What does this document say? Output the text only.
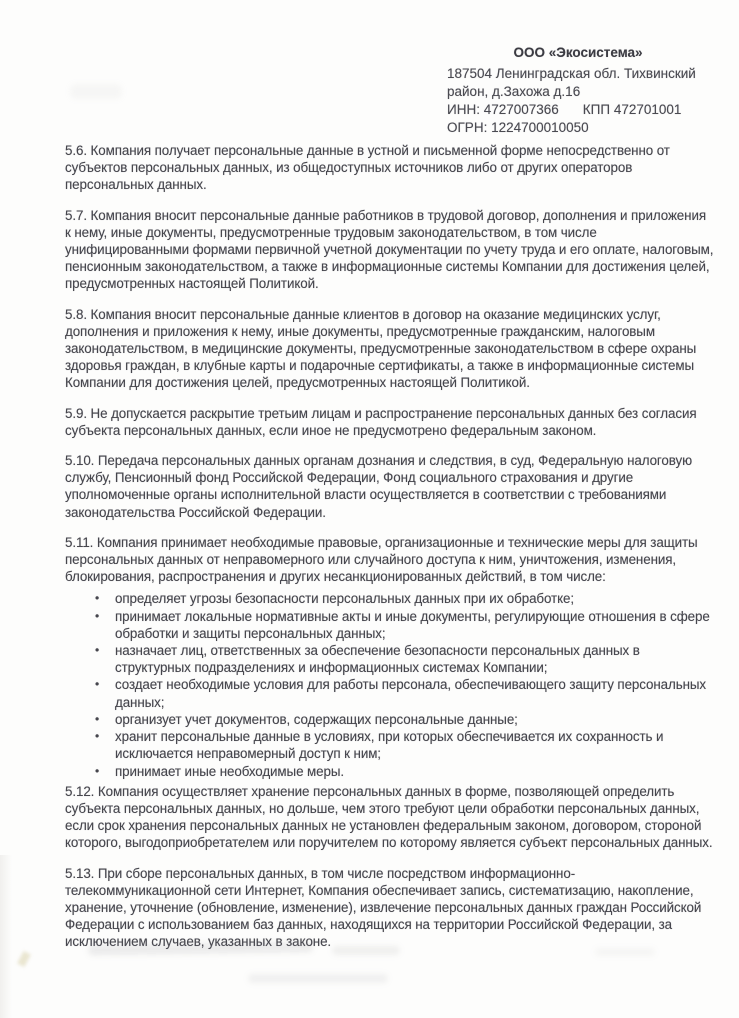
ООО «Экосистема»
187504 Ленинградская обл. Тихвинский
район, д.Захожа д.16
ИНН: 4727007366 КПП 472701001
ОГРН: 1224700010050

5.6. Компания получает персональные данные в устной и письменной форме непосредственно от субъектов персональных данных, из общедоступных источников либо от других операторов персональных данных.

5.7. Компания вносит персональные данные работников в трудовой договор, дополнения и приложения к нему, иные документы, предусмотренные трудовым законодательством, в том числе унифицированными формами первичной учетной документации по учету труда и его оплате, налоговым, пенсионным законодательством, а также в информационные системы Компании для достижения целей, предусмотренных настоящей Политикой.

5.8. Компания вносит персональные данные клиентов в договор на оказание медицинских услуг, дополнения и приложения к нему, иные документы, предусмотренные гражданским, налоговым законодательством, в медицинские документы, предусмотренные законодательством в сфере охраны здоровья граждан, в клубные карты и подарочные сертификаты, а также в информационные системы Компании для достижения целей, предусмотренных настоящей Политикой.

5.9. Не допускается раскрытие третьим лицам и распространение персональных данных без согласия субъекта персональных данных, если иное не предусмотрено федеральным законом.

5.10. Передача персональных данных органам дознания и следствия, в суд, Федеральную налоговую службу, Пенсионный фонд Российской Федерации, Фонд социального страхования и другие уполномоченные органы исполнительной власти осуществляется в соответствии с требованиями законодательства Российской Федерации.

5.11. Компания принимает необходимые правовые, организационные и технические меры для защиты персональных данных от неправомерного или случайного доступа к ним, уничтожения, изменения, блокирования, распространения и других несанкционированных действий, в том числе:

•	определяет угрозы безопасности персональных данных при их обработке;
•	принимает локальные нормативные акты и иные документы, регулирующие отношения в сфере обработки и защиты персональных данных;
•	назначает лиц, ответственных за обеспечение безопасности персональных данных в структурных подразделениях и информационных системах Компании;
•	создает необходимые условия для работы персонала, обеспечивающего защиту персональных данных;
•	организует учет документов, содержащих персональные данные;
•	хранит персональные данные в условиях, при которых обеспечивается их сохранность и исключается неправомерный доступ к ним;
•	принимает иные необходимые меры.

5.12. Компания осуществляет хранение персональных данных в форме, позволяющей определить субъекта персональных данных, но дольше, чем этого требуют цели обработки персональных данных, если срок хранения персональных данных не установлен федеральным законом, договором, стороной которого, выгодоприобретателем или поручителем по которому является субъект персональных данных.

5.13. При сборе персональных данных, в том числе посредством информационно-телекоммуникационной сети Интернет, Компания обеспечивает запись, систематизацию, накопление, хранение, уточнение (обновление, изменение), извлечение персональных данных граждан Российской Федерации с использованием баз данных, находящихся на территории Российской Федерации, за исключением случаев, указанных в законе.
